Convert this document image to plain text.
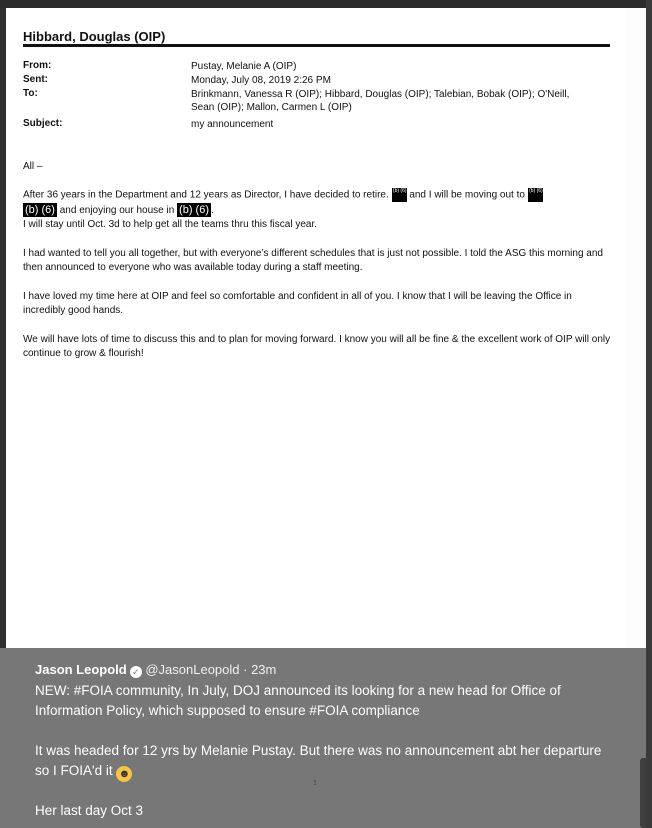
Hibbard, Douglas (OIP)
From:	Pustay, Melanie A (OIP)
Sent:	Monday, July 08, 2019 2:26 PM
To:	Brinkmann, Vanessa R (OIP); Hibbard, Douglas (OIP); Talebian, Bobak (OIP); O'Neill,
Sean (OIP); Mallon, Carmen L (OIP)
Subject:	my announcement
All –
After 36 years in the Department and 12 years as Director, I have decided to retire. (b) (6) and I will be moving out to (b) (6)
(b) (6) and enjoying our house in (b) (6) .
I will stay until Oct. 3d to help get all the teams thru this fiscal year.
I had wanted to tell you all together, but with everyone’s different schedules that is just not possible. I told the ASG this morning and then announced to everyone who was available today during a staff meeting.
I have loved my time here at OIP and feel so comfortable and confident in all of you. I know that I will be leaving the Office in incredibly good hands.
We will have lots of time to discuss this and to plan for moving forward. I know you will all be fine & the excellent work of OIP will only continue to grow & flourish!
Jason Leopold ✓ @JasonLeopold · 23m
NEW: #FOIA community, In July, DOJ announced its looking for a new head for Office of Information Policy, which supposed to ensure #FOIA compliance
It was headed for 12 yrs by Melanie Pustay. But there was no announcement abt her departure so I FOIA'd it ☻
Her last day Oct 3
1
